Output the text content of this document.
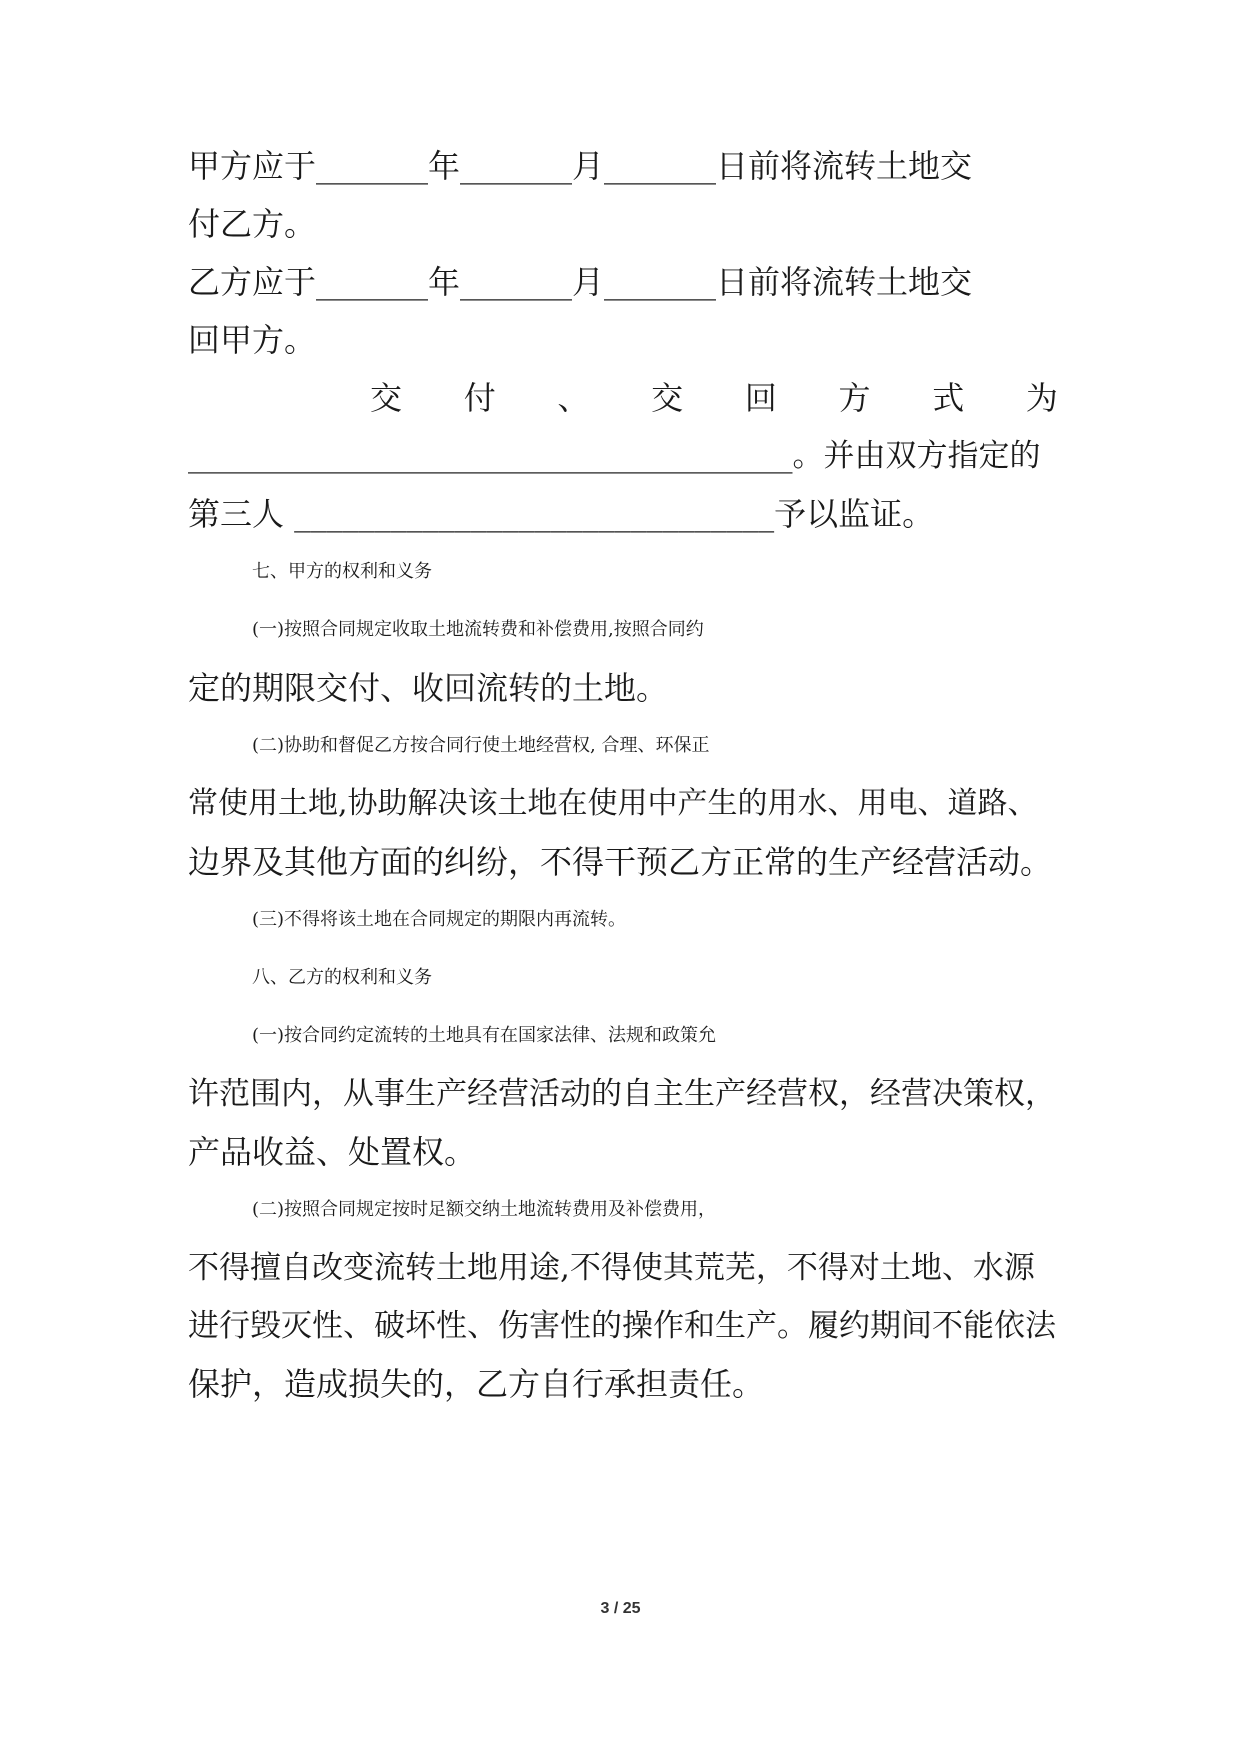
甲方应于_______年_______月_______日前将流转土地交
付乙方。
乙方应于_______年_______月_______日前将流转土地交
回甲方。
交 付 、 交 回 方 式 为
_______________________________________。并由双方指定的
第三人 ______________________________予以监证。
七、甲方的权利和义务
(一)按照合同规定收取土地流转费和补偿费用,按照合同约
定的期限交付、收回流转的土地。
(二)协助和督促乙方按合同行使土地经营权, 合理、环保正
常使用土地,协助解决该土地在使用中产生的用水、用电、道路、
边界及其他方面的纠纷，不得干预乙方正常的生产经营活动。
(三)不得将该土地在合同规定的期限内再流转。
八、乙方的权利和义务
(一)按合同约定流转的土地具有在国家法律、法规和政策允
许范围内，从事生产经营活动的自主生产经营权，经营决策权，
产品收益、处置权。
(二)按照合同规定按时足额交纳土地流转费用及补偿费用，
不得擅自改变流转土地用途,不得使其荒芜，不得对土地、水源
进行毁灭性、破坏性、伤害性的操作和生产。履约期间不能依法
保护，造成损失的，乙方自行承担责任。
3 / 25
